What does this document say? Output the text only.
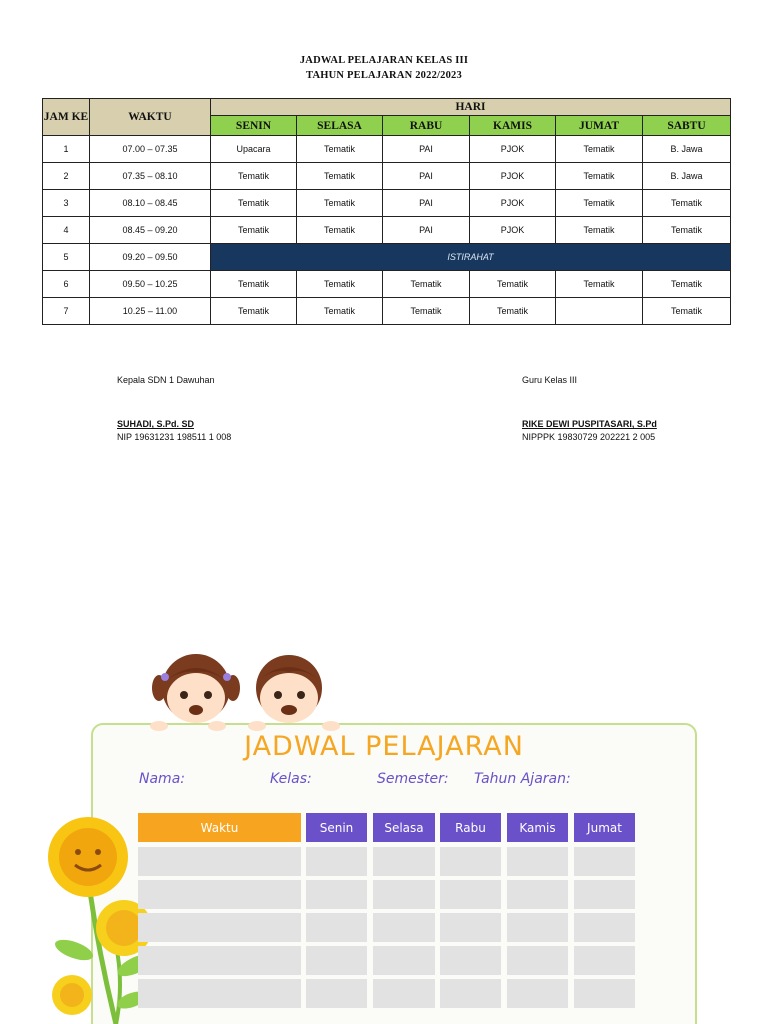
JADWAL PELAJARAN KELAS III
TAHUN PELAJARAN 2022/2023
JAM KE	WAKTU	HARI					
		SENIN	SELASA	RABU	KAMIS	JUMAT	SABTU
1	07.00 – 07.35	Upacara	Tematik	PAI	PJOK	Tematik	B. Jawa
2	07.35 – 08.10	Tematik	Tematik	PAI	PJOK	Tematik	B. Jawa
3	08.10 – 08.45	Tematik	Tematik	PAI	PJOK	Tematik	Tematik
4	08.45 – 09.20	Tematik	Tematik	PAI	PJOK	Tematik	Tematik
5	09.20 – 09.50	ISTIRAHAT					
6	09.50 – 10.25	Tematik	Tematik	Tematik	Tematik	Tematik	Tematik
7	10.25 – 11.00	Tematik	Tematik	Tematik	Tematik		Tematik
Kepala SDN 1 Dawuhan
SUHADI, S.Pd. SD
NIP 19631231 198511 1 008
Guru Kelas III
RIKE DEWI PUSPITASARI, S.Pd
NIPPPK 19830729 202221 2 005
JADWAL PELAJARAN
Nama:	Kelas:	Semester: Tahun Ajaran:
Waktu	Senin	Selasa	Rabu	Kamis	Jumat
